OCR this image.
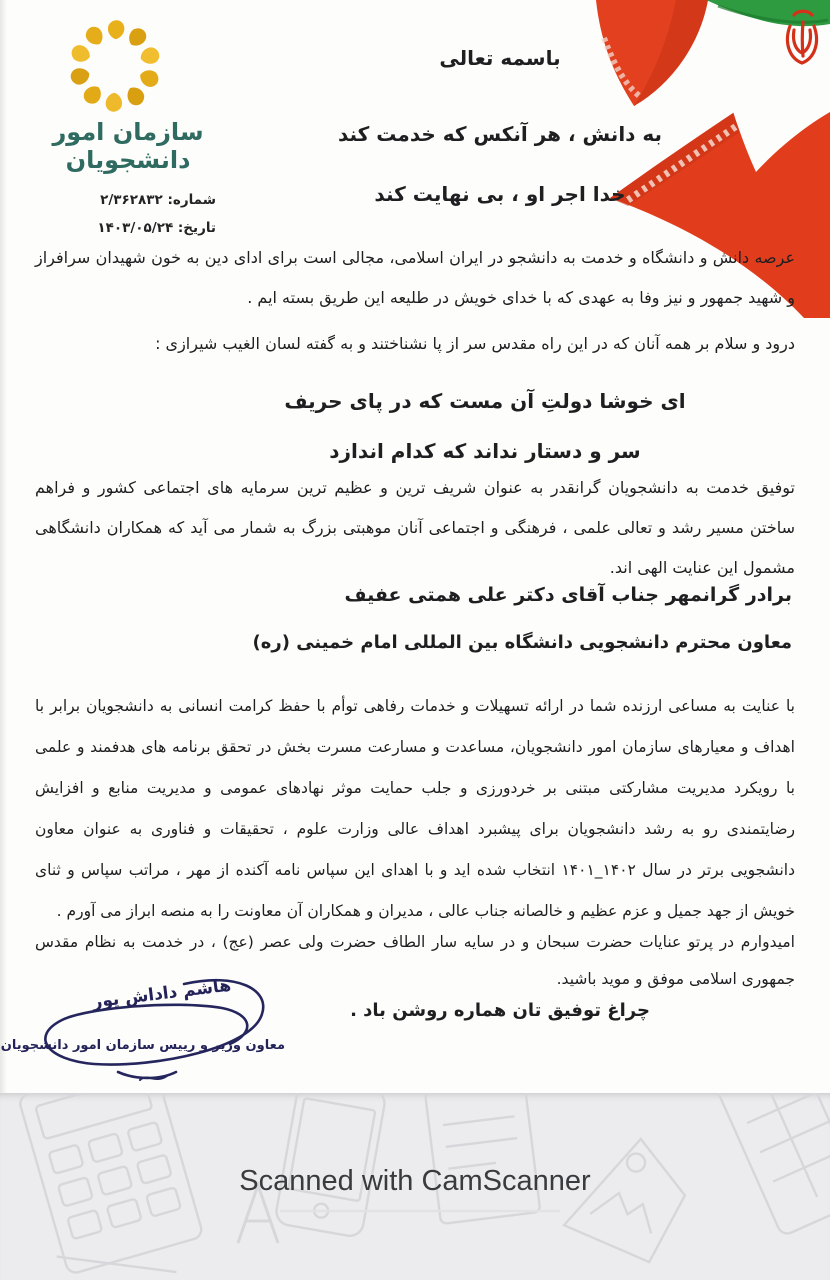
سازمان امور
دانشجویان
شماره: ۲/۳۶۲۸۳۲
تاریخ: ۱۴۰۳/۰۵/۲۴
باسمه تعالی
به دانش ، هر آنکس که خدمت کند
خدا اجر او ، بی نهایت کند
عرصه دانش و دانشگاه و خدمت به دانشجو در ایران اسلامی، مجالی است برای ادای دین به خون شهیدان سرافراز و شهید جمهور و نیز وفا به عهدی که با خدای خویش در طلیعه این طریق بسته ایم .
درود و سلام بر همه آنان که در این راه مقدس سر از پا نشناختند و به گفته لسان الغیب شیرازی :
ای خوشا دولتِ آن مست که در پای حریف
سر و دستار نداند که کدام اندازد
توفیق خدمت به دانشجویان گرانقدر به عنوان شریف ترین و عظیم ترین سرمایه های اجتماعی کشور و فراهم ساختن مسیر رشد و تعالی علمی ، فرهنگی و اجتماعی آنان موهبتی بزرگ به شمار می آید که همکاران دانشگاهی مشمول این عنایت الهی اند.
برادر گرانمهر جناب آقای دکتر علی همتی عفیف
معاون محترم دانشجویی دانشگاه بین المللی امام خمینی (ره)
با عنایت به مساعی ارزنده شما در ارائه تسهیلات و خدمات رفاهی توأم با حفظ کرامت انسانی به دانشجویان برابر با اهداف و معیارهای سازمان امور دانشجویان، مساعدت و مسارعت مسرت بخش در تحقق برنامه های هدفمند و علمی با رویکرد مدیریت مشارکتی مبتنی بر خردورزی و جلب حمایت موثر نهادهای عمومی و مدیریت منابع و افزایش رضایتمندی رو به رشد دانشجویان برای پیشبرد اهداف عالی وزارت علوم ، تحقیقات و فناوری به عنوان معاون دانشجویی برتر در سال ۱۴۰۲_۱۴۰۱ انتخاب شده اید و با اهدای این سپاس نامه آکنده از مهر ، مراتب سپاس و ثنای خویش از جهد جمیل و عزم عظیم و خالصانه جناب عالی ، مدیران و همکاران آن معاونت را به منصه ابراز می آورم .
امیدوارم در پرتو عنایات حضرت سبحان و در سایه سار الطاف حضرت ولی عصر (عج) ، در خدمت به نظام مقدس جمهوری اسلامی موفق و موید باشید.
چراغ توفیق تان هماره روشن باد .
هاشم داداش پور
معاون وزیر و رییس سازمان امور دانشجویان
Scanned with CamScanner
